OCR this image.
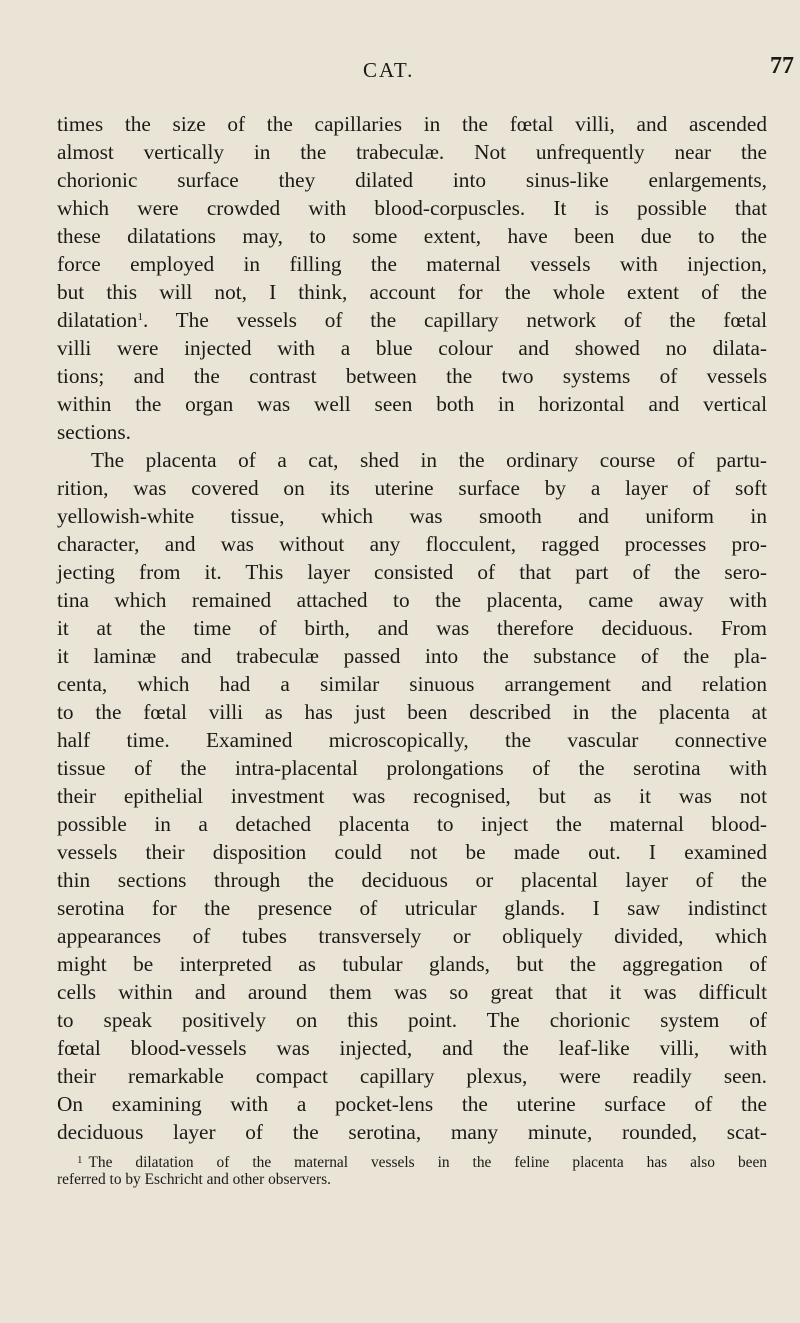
CAT.	77
times the size of the capillaries in the fœtal villi, and ascended
almost vertically in the trabeculæ. Not unfrequently near the
chorionic surface they dilated into sinus-like enlargements,
which were crowded with blood-corpuscles. It is possible that
these dilatations may, to some extent, have been due to the
force employed in filling the maternal vessels with injection,
but this will not, I think, account for the whole extent of the
dilatation$^1$. The vessels of the capillary network of the fœtal
villi were injected with a blue colour and showed no dilata-
tions; and the contrast between the two systems of vessels
within the organ was well seen both in horizontal and vertical
sections.
The placenta of a cat, shed in the ordinary course of partu-
rition, was covered on its uterine surface by a layer of soft
yellowish-white tissue, which was smooth and uniform in
character, and was without any flocculent, ragged processes pro-
jecting from it. This layer consisted of that part of the sero-
tina which remained attached to the placenta, came away with
it at the time of birth, and was therefore deciduous. From
it laminæ and trabeculæ passed into the substance of the pla-
centa, which had a similar sinuous arrangement and relation
to the fœtal villi as has just been described in the placenta at
half time. Examined microscopically, the vascular connective
tissue of the intra-placental prolongations of the serotina with
their epithelial investment was recognised, but as it was not
possible in a detached placenta to inject the maternal blood-
vessels their disposition could not be made out. I examined
thin sections through the deciduous or placental layer of the
serotina for the presence of utricular glands. I saw indistinct
appearances of tubes transversely or obliquely divided, which
might be interpreted as tubular glands, but the aggregation of
cells within and around them was so great that it was difficult
to speak positively on this point. The chorionic system of
fœtal blood-vessels was injected, and the leaf-like villi, with
their remarkable compact capillary plexus, were readily seen.
On examining with a pocket-lens the uterine surface of the
deciduous layer of the serotina, many minute, rounded, scat-
$^1$ The dilatation of the maternal vessels in the feline placenta has also been
referred to by Eschricht and other observers.
